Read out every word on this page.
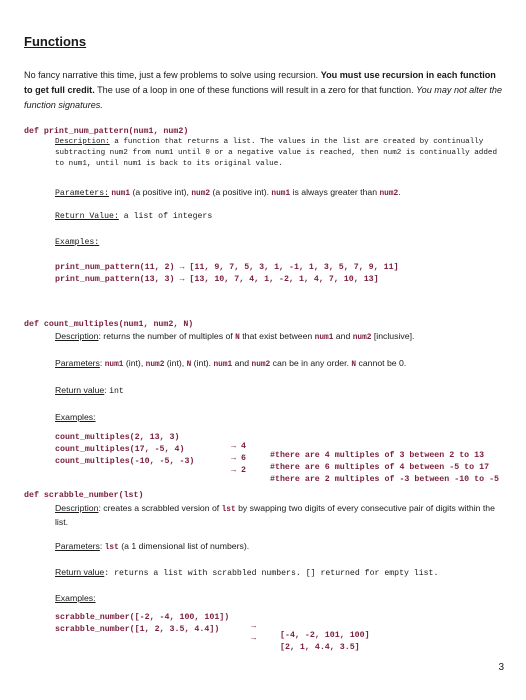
Functions
No fancy narrative this time, just a few problems to solve using recursion. You must use recursion in each function to get full credit. The use of a loop in one of these functions will result in a zero for that function. You may not alter the function signatures.
def print_num_pattern(num1, num2)
Description: a function that returns a list. The values in the list are created by continually subtracting num2 from num1 until 0 or a negative value is reached, then num2 is continually added to num1, until num1 is back to its original value.
Parameters: num1 (a positive int), num2 (a positive int). num1 is always greater than num2.
Return Value: a list of integers
Examples:
print_num_pattern(11, 2) → [11, 9, 7, 5, 3, 1, -1, 1, 3, 5, 7, 9, 11]
print_num_pattern(13, 3) → [13, 10, 7, 4, 1, -2, 1, 4, 7, 10, 13]
def count_multiples(num1, num2, N)
Description: returns the number of multiples of N that exist between num1 and num2 [inclusive].
Parameters: num1 (int), num2 (int), N (int). num1 and num2 can be in any order. N cannot be 0.
Return value: int
Examples:

count_multiples(2, 13, 3)

→ 4

#there are 4 multiples of 3 between 2 to 13

count_multiples(17, -5, 4)

→ 6

#there are 6 multiples of 4 between -5 to 17

count_multiples(-10, -5, -3)

→ 2

#there are 2 multiples of -3 between -10 to -5

def scrabble_number(lst)
Description: creates a scrabbled version of lst by swapping two digits of every consecutive pair of digits within the list.
Parameters: lst (a 1 dimensional list of numbers).
Return value: returns a list with scrabbled numbers. [] returned for empty list.
Examples:

scrabble_number([-2, -4, 100, 101])

→

[-4, -2, 101, 100]

scrabble_number([1, 2, 3.5, 4.4])

→

[2, 1, 4.4, 3.5]

3
